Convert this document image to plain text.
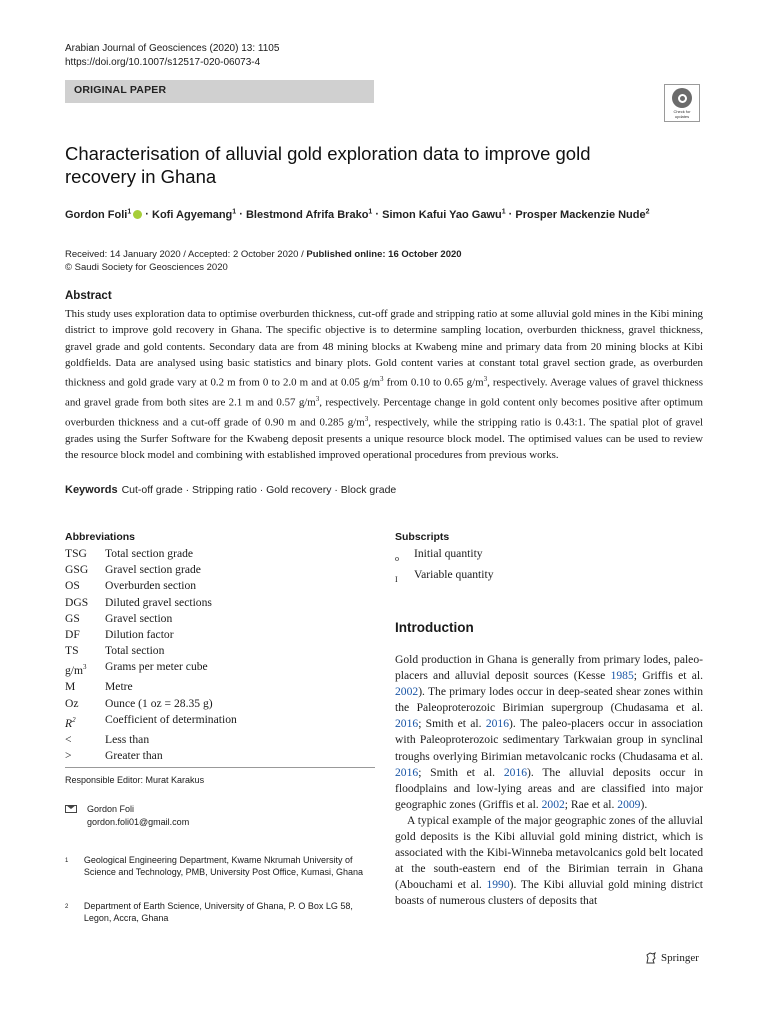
Arabian Journal of Geosciences (2020) 13: 1105
https://doi.org/10.1007/s12517-020-06073-4
ORIGINAL PAPER
Check for
updates
Characterisation of alluvial gold exploration data to improve gold
recovery in Ghana
Gordon Foli$^1$ · Kofi Agyemang$^1$ · Blestmond Afrifa Brako$^1$ · Simon Kafui Yao Gawu$^1$ · Prosper Mackenzie Nude$^2$
Received: 14 January 2020 / Accepted: 2 October 2020 / Published online: 16 October 2020
© Saudi Society for Geosciences 2020
Abstract
This study uses exploration data to optimise overburden thickness, cut-off grade and stripping ratio at some alluvial gold mines in the Kibi mining district to improve gold recovery in Ghana. The specific objective is to determine sampling location, overburden thickness, gravel thickness, gravel grade and gold contents. Secondary data are from 48 mining blocks at Kwabeng mine and primary data from 20 mining blocks at Kibi goldfields. Data are analysed using basic statistics and binary plots. Gold content varies at constant total gravel section grade, as overburden thickness and gold grade vary at 0.2 m from 0 to 2.0 m and at 0.05 $g/m^3$ from 0.10 to 0.65 $g/m^3$, respectively. Average values of gravel thickness and gravel grade from both sites are 2.1 m and 0.57 $g/m^3$, respectively. Percentage change in gold content only becomes positive after optimum overburden thickness and a cut-off grade of 0.90 m and 0.285 $g/m^3$, respectively, while the stripping ratio is 0.43:1. The spatial plot of gravel grades using the Surfer Software for the Kwabeng deposit presents a unique resource block model. The optimised values can be used to review the resource block model and combining with established improved operational procedures from previous works.
Keywords Cut-off grade · Stripping ratio · Gold recovery · Block grade
Abbreviations
TSG	Total section grade
GSG	Gravel section grade
OS	Overburden section
DGS	Diluted gravel sections
GS	Gravel section
DF	Dilution factor
TS	Total section
$g/m^3$	Grams per meter cube
M	Metre
Oz	Ounce (1 oz = 28.35 g)
$R^2$	Coefficient of determination
<	Less than
>	Greater than
Subscripts
o	Initial quantity
I	Variable quantity
Responsible Editor: Murat Karakus
Gordon Foli
gordon.foli01@gmail.com
1	Geological Engineering Department, Kwame Nkrumah University of Science and Technology, PMB, University Post Office, Kumasi, Ghana
2	Department of Earth Science, University of Ghana, P. O Box LG 58, Legon, Accra, Ghana
Introduction

Gold production in Ghana is generally from primary lodes, paleo-placers and alluvial deposit sources (Kesse 1985; Griffis et al. 2002). The primary lodes occur in deep-seated shear zones within the Paleoproterozoic Birimian supergroup (Chudasama et al. 2016; Smith et al. 2016). The paleo-placers occur in association with Paleoproterozoic sedimentary Tarkwaian group in synclinal troughs overlying Birimian metavolcanic rocks (Chudasama et al. 2016; Smith et al. 2016). The alluvial deposits occur in floodplains and low-lying areas and are classified into major geographic zones (Griffis et al. 2002; Rae et al. 2009).

A typical example of the major geographic zones of the alluvial gold deposits is the Kibi alluvial gold mining district, which is associated with the Kibi-Winneba metavolcanics gold belt located at the south-eastern end of the Birimian terrain in Ghana (Abouchami et al. 1990). The Kibi alluvial gold mining district boasts of numerous clusters of deposits that

Springer
